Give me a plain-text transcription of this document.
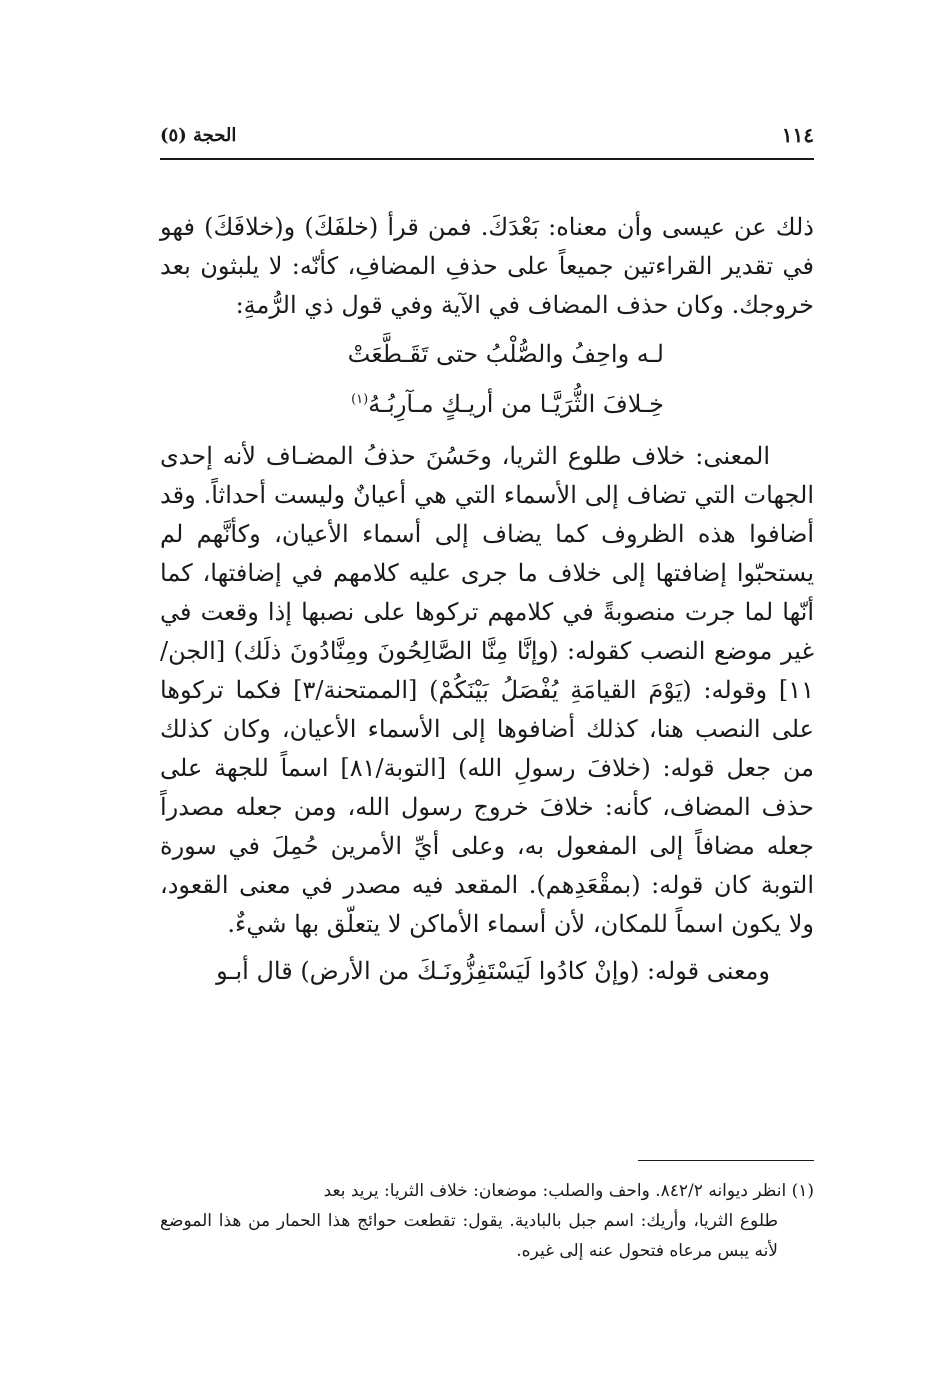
١١٤
الحجة (٥)

ذلك عن عيسى وأن معناه: بَعْدَكَ. فمن قرأ (خلفَكَ) و(خلافَكَ) فهو في تقدير القراءتين جميعاً على حذفِ المضافِ، كأنّه: لا يلبثون بعد خروجك. وكان حذف المضاف في الآية وفي قول ذي الرُّمةِ:

لـه واحِفُ والصُّلْبُ حتى تَقَـطَّعَتْ
خِـلافَ الثُّرَيَّـا من أريـكٍ مـآرِبُـهُ$^{(١)}$

المعنى: خلاف طلوع الثريا، وحَسُنَ حذفُ المضـاف لأنه إحدى الجهات التي تضاف إلى الأسماء التي هي أعيانٌ وليست أحداثاً. وقد أضافوا هذه الظروف كما يضاف إلى أسماء الأعيان، وكأنَّهم لم يستحبّوا إضافتها إلى خلاف ما جرى عليه كلامهم في إضافتها، كما أنّها لما جرت منصوبةً في كلامهم تركوها على نصبها إذا وقعت في غير موضع النصب كقوله: (وإنَّا مِنَّا الصَّالِحُونَ ومِنَّادُونَ ذلَك) [الجن/١١] وقوله: (يَوْمَ القيامَةِ يُفْصَلُ بَيْنَكُمْ) [الممتحنة/٣] فكما تركوها على النصب هنا، كذلك أضافوها إلى الأسماء الأعيان، وكان كذلك من جعل قوله: (خلافَ رسولِ الله) [التوبة/٨١] اسماً للجهة على حذف المضاف، كأنه: خلافَ خروج رسول الله، ومن جعله مصدراً جعله مضافاً إلى المفعول به، وعلى أيِّ الأمرين حُمِلَ في سورة التوبة كان قوله: (بمقْعَدِهم). المقعد فيه مصدر في معنى القعود، ولا يكون اسماً للمكان، لأن أسماء الأماكن لا يتعلّق بها شيءٌ.

ومعنى قوله: (وإنْ كادُوا لَيَسْتَفِزُّونَـكَ من الأرض) قال أبـو

(١) انظر ديوانه ٨٤٢/٢. واحف والصلب: موضعان: خلاف الثريا: يريد بعد

طلوع الثريا، وأريك: اسم جبل بالبادية. يقول: تقطعت حوائج هذا الحمار من هذا الموضع لأنه يبس مرعاه فتحول عنه إلى غيره.
